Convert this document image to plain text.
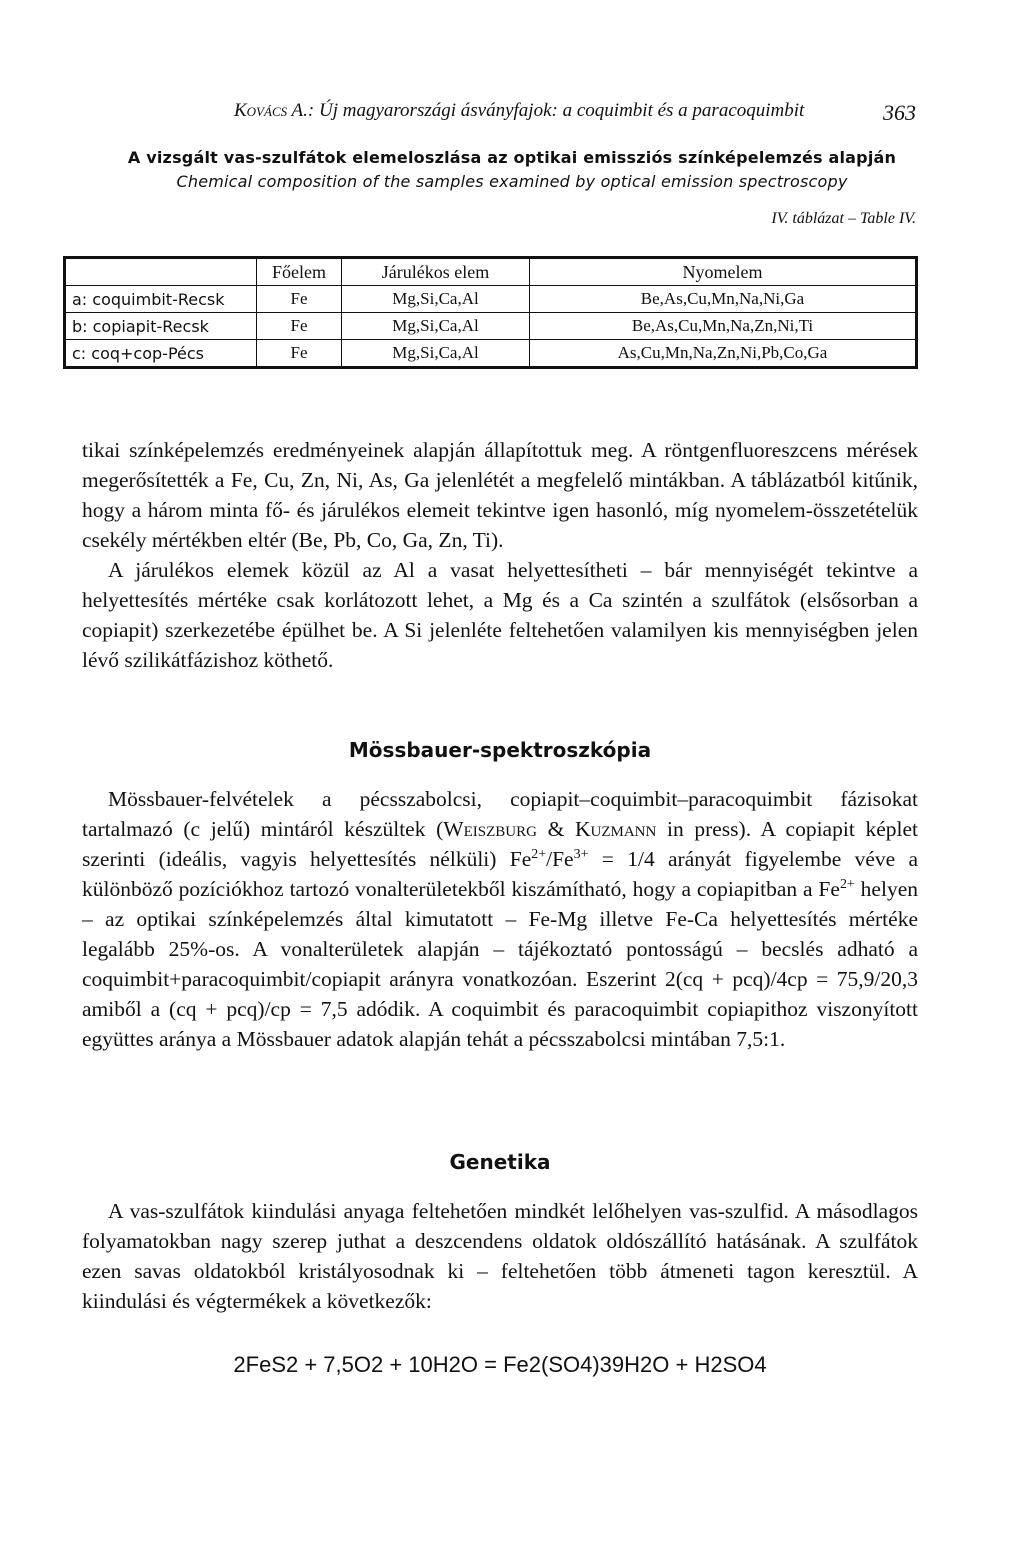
Kovács A.: Új magyarországi ásványfajok: a coquimbit és a paracoquimbit	363
A vizsgált vas-szulfátok elemeloszlása az optikai emissziós színképelemzés alapján
Chemical composition of the samples examined by optical emission spectroscopy
IV. táblázat – Table IV.
	Főelem	Járulékos elem	Nyomelem
a: coquimbit-Recsk	Fe	Mg,Si,Ca,Al	Be,As,Cu,Mn,Na,Ni,Ga
b: copiapit-Recsk	Fe	Mg,Si,Ca,Al	Be,As,Cu,Mn,Na,Zn,Ni,Ti
c: coq+cop-Pécs	Fe	Mg,Si,Ca,Al	As,Cu,Mn,Na,Zn,Ni,Pb,Co,Ga

tikai színképelemzés eredményeinek alapján állapítottuk meg. A röntgenfluoreszcens mérések megerősítették a Fe, Cu, Zn, Ni, As, Ga jelenlétét a megfelelő mintákban. A táblázatból kitűnik, hogy a három minta fő- és járulékos elemeit tekintve igen hasonló, míg nyomelem-összetételük csekély mértékben eltér (Be, Pb, Co, Ga, Zn, Ti).

A járulékos elemek közül az Al a vasat helyettesítheti – bár mennyiségét tekintve a helyettesítés mértéke csak korlátozott lehet, a Mg és a Ca szintén a szulfátok (elsősorban a copiapit) szerkezetébe épülhet be. A Si jelenléte feltehetően valamilyen kis mennyiségben jelen lévő szilikátfázishoz köthető.

Mössbauer-spektroszkópia

Mössbauer-felvételek a pécsszabolcsi, copiapit–coquimbit–paracoquimbit fázisokat tartalmazó (c jelű) mintáról készültek (Weiszburg & Kuzmann in press). A copiapit képlet szerinti (ideális, vagyis helyettesítés nélküli) $Fe^{2+}/Fe^{3+} = 1/4$ arányát figyelembe véve a különböző pozíciókhoz tartozó vonalterületekből kiszámítható, hogy a copiapitban a $Fe^{2+}$ helyen – az optikai színképelemzés által kimutatott – Fe-Mg illetve Fe-Ca helyettesítés mértéke legalább 25%-os. A vonalterületek alapján – tájékoztató pontosságú – becslés adható a coquimbit+paracoquimbit/copiapit arányra vonatkozóan. Eszerint 2(cq + pcq)/4cp = 75,9/20,3 amiből a (cq + pcq)/cp = 7,5 adódik. A coquimbit és paracoquimbit copiapithoz viszonyított együttes aránya a Mössbauer adatok alapján tehát a pécsszabolcsi mintában 7,5:1.

Genetika

A vas-szulfátok kiindulási anyaga feltehetően mindkét lelőhelyen vas-szulfid. A másodlagos folyamatokban nagy szerep juthat a deszcendens oldatok oldószállító hatásának. A szulfátok ezen savas oldatokból kristályosodnak ki – feltehetően több átmeneti tagon keresztül. A kiindulási és végtermékek a következők:

2FeS2 + 7,5O2 + 10H2O = Fe2(SO4)39H2O + H2SO4
